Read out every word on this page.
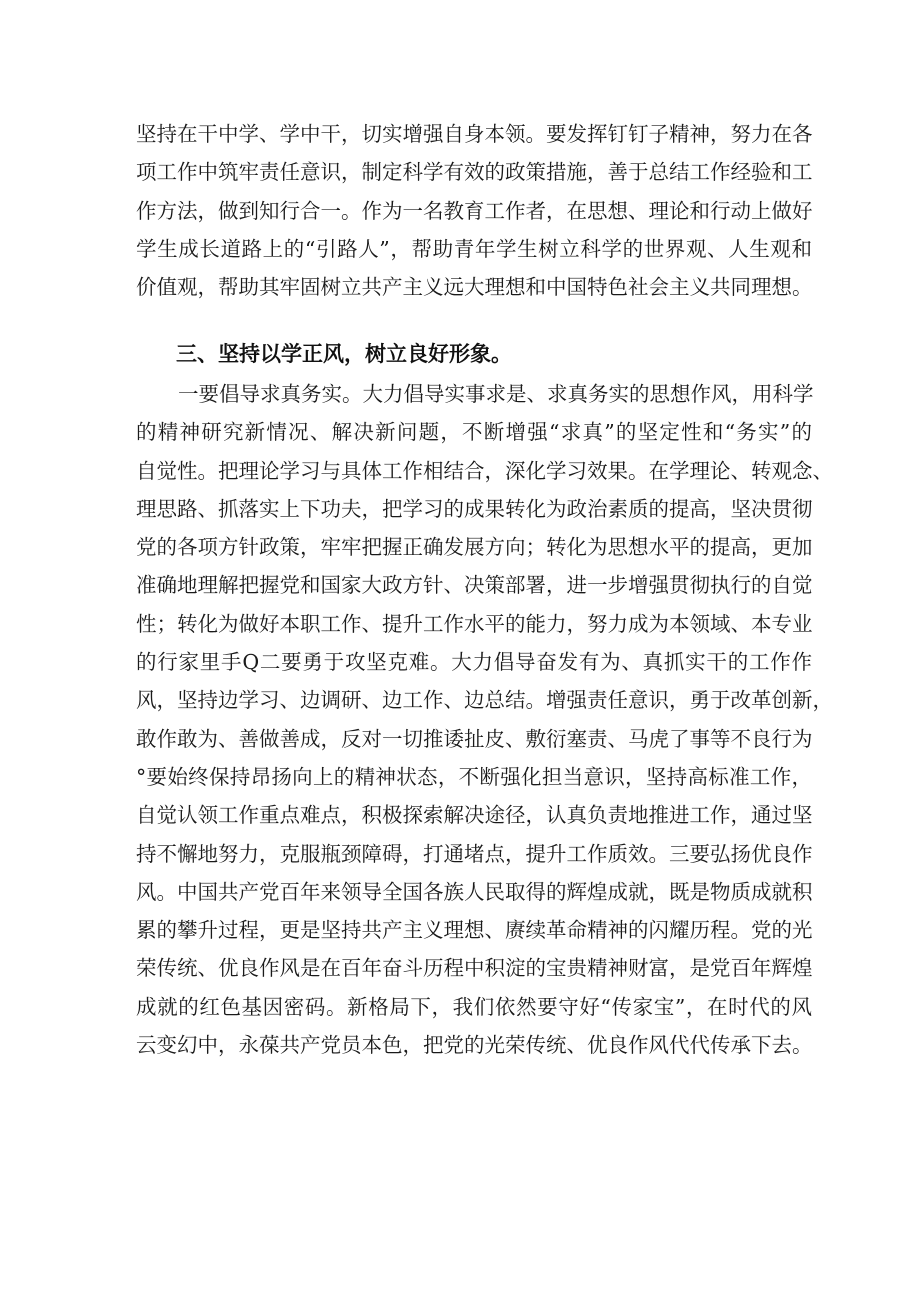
坚持在干中学、学中干，切实增强自身本领。要发挥钉钉子精神，努力在各
项工作中筑牢责任意识，制定科学有效的政策措施，善于总结工作经验和工
作方法，做到知行合一。作为一名教育工作者，在思想、理论和行动上做好
学生成长道路上的“引路人”，帮助青年学生树立科学的世界观、人生观和
价值观，帮助其牢固树立共产主义远大理想和中国特色社会主义共同理想。
三、坚持以学正风，树立良好形象。
一要倡导求真务实。大力倡导实事求是、求真务实的思想作风，用科学
的精神研究新情况、解决新问题，不断增强“求真”的坚定性和“务实”的
自觉性。把理论学习与具体工作相结合，深化学习效果。在学理论、转观念、
理思路、抓落实上下功夫，把学习的成果转化为政治素质的提高，坚决贯彻
党的各项方针政策，牢牢把握正确发展方向；转化为思想水平的提高，更加
准确地理解把握党和国家大政方针、决策部署，进一步增强贯彻执行的自觉
性；转化为做好本职工作、提升工作水平的能力，努力成为本领域、本专业
的行家里手Q二要勇于攻坚克难。大力倡导奋发有为、真抓实干的工作作
风，坚持边学习、边调研、边工作、边总结。增强责任意识，勇于改革创新，
敢作敢为、善做善成，反对一切推诿扯皮、敷衍塞责、马虎了事等不良行为
°要始终保持昂扬向上的精神状态，不断强化担当意识，坚持高标准工作，
自觉认领工作重点难点，积极探索解决途径，认真负责地推进工作，通过坚
持不懈地努力，克服瓶颈障碍，打通堵点，提升工作质效。三要弘扬优良作
风。中国共产党百年来领导全国各族人民取得的辉煌成就，既是物质成就积
累的攀升过程，更是坚持共产主义理想、赓续革命精神的闪耀历程。党的光
荣传统、优良作风是在百年奋斗历程中积淀的宝贵精神财富，是党百年辉煌
成就的红色基因密码。新格局下，我们依然要守好“传家宝”，在时代的风
云变幻中，永葆共产党员本色，把党的光荣传统、优良作风代代传承下去。
